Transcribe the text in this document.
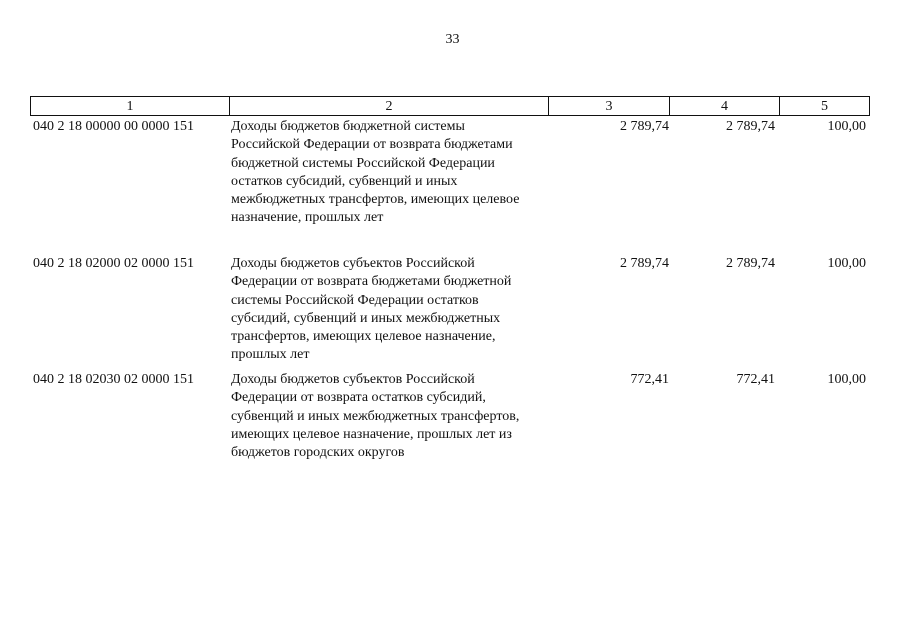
33
1	2	3	4	5
040 2 18 00000 00 0000 151	Доходы бюджетов бюджетной системы
Российской Федерации от возврата бюджетами
бюджетной системы Российской Федерации
остатков субсидий, субвенций и иных
межбюджетных трансфертов, имеющих целевое
назначение, прошлых лет
2 789,74	2 789,74	100,00
040 2 18 02000 02 0000 151	Доходы бюджетов субъектов Российской
Федерации от возврата бюджетами бюджетной
системы Российской Федерации остатков
субсидий, субвенций и иных межбюджетных
трансфертов, имеющих целевое назначение,
прошлых лет
2 789,74	2 789,74	100,00
040 2 18 02030 02 0000 151	Доходы бюджетов субъектов Российской
Федерации от возврата остатков субсидий,
субвенций и иных межбюджетных трансфертов,
имеющих целевое назначение, прошлых лет из
бюджетов городских округов
772,41	772,41	100,00
